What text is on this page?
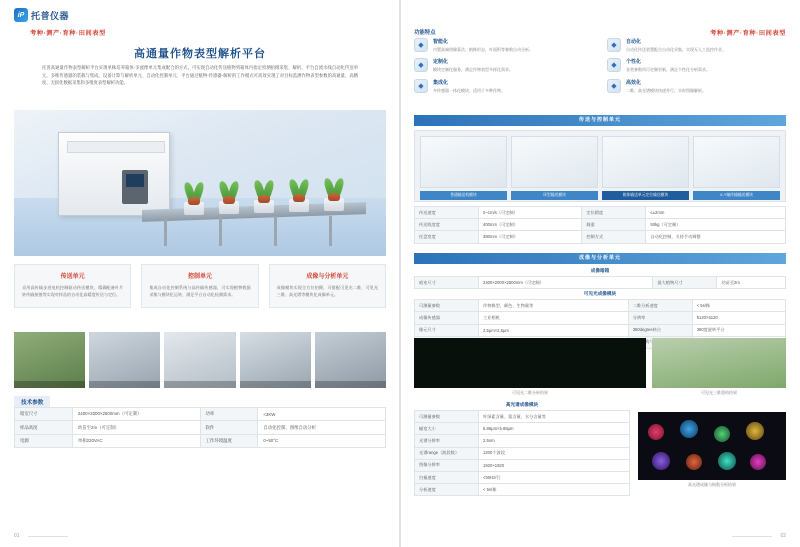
iP 托普仪器
考种·测产·育种·田间表型
高通量作物表型解析平台
托普高通量作物表型解析平台实现单株培养箱体-多流像单元集成配合的方式，可实现自动化传送植物到箱体内指定检测拍摄采集、解析、平台自流水线自动化传送单元、多维传感器的装载与集成、设备计算与解析单元、自动化控制单元、平台通过植物-传感器-解析的工作模式可高效实现了对目标监测作物表型参数的高通量、高精度、无损化数据采集和多维度表型解析功能。
传送单元

采用高传输步进电机控制驱动传送模块，精确配备叶片转传输接链等实现对样品的自动化高精度传送与定位。

控制单元

集成自动化控制系统与高传输传感器，可实现植物数据采集与模块化运转，满足平台自动化检测需求。

成像与分析单元

成像模块实现全方位拍摄，可搭配可见光二维、可见光三维、高光谱等模块化成像单元。

技术参数
暗室尺寸	2400×2000×2500mm（可定制）	功率	<3KW
样品高度	幼苗至2m（可定制）	软件	自动化控制、图像自动分析
电源	单相220VAC	工作环境温度	0~50°C
01
考种·测产·育种·田间表型
功能特点
◆	智能化

内置高端图像算法，植株形态、叶面积等参数自动分析。

◆	自动化

自动化传送装置配合自动化采集，实现无人工监控作业。

◆	定制化

模块定制化服务，满足作物表型多样化需求。

◆	个性化

各类参数项可定制更新，满足个性化分析需求。

◆	集成化

多传感器一体化模块，适用于多种作物。

◆	高效化

二维、高光谱模块快速并行，实时图像解析。

传送与控制单元
普通输送机模块	环型输送模块	箱体输送单元定位输送模块	X-Y轴传输输送模块
传送速度	0~1m/s（可定制）	定位精度	≤±2mm
传送线宽度	400mm（可定制）	载重	50kg（可定制）
托盘宽度	380mm（可定制）	控制方式	自动化控制，支持手动调整
成像与分析单元
成像暗箱
暗室尺寸	2400×2000×2500mm（可定制）	最大植物尺寸	幼苗至2m
可见光成像模块
可测量参数	作物株型、颜色、生物量等	二维分析速度	< 5s/株
成像传感器	工业相机	分辨率	5120×5120
像元尺寸	2.5μm×2.5μm	360degree转台	360度旋转平台

可见光二维分析结果	可见光三维重构结果
高光谱成像模块
可测量参数	叶绿素含量、氮含量、水分含量等
幅宽大小	5.86μm×5.88μm
光谱分辨率	2.5nm
光谱range（波段数）	1200个波段
图像分辨率	1920×1920
扫描速度	<50Hz/行
分析速度	< 5s/株
高光谱成像与指数分析结果
02
